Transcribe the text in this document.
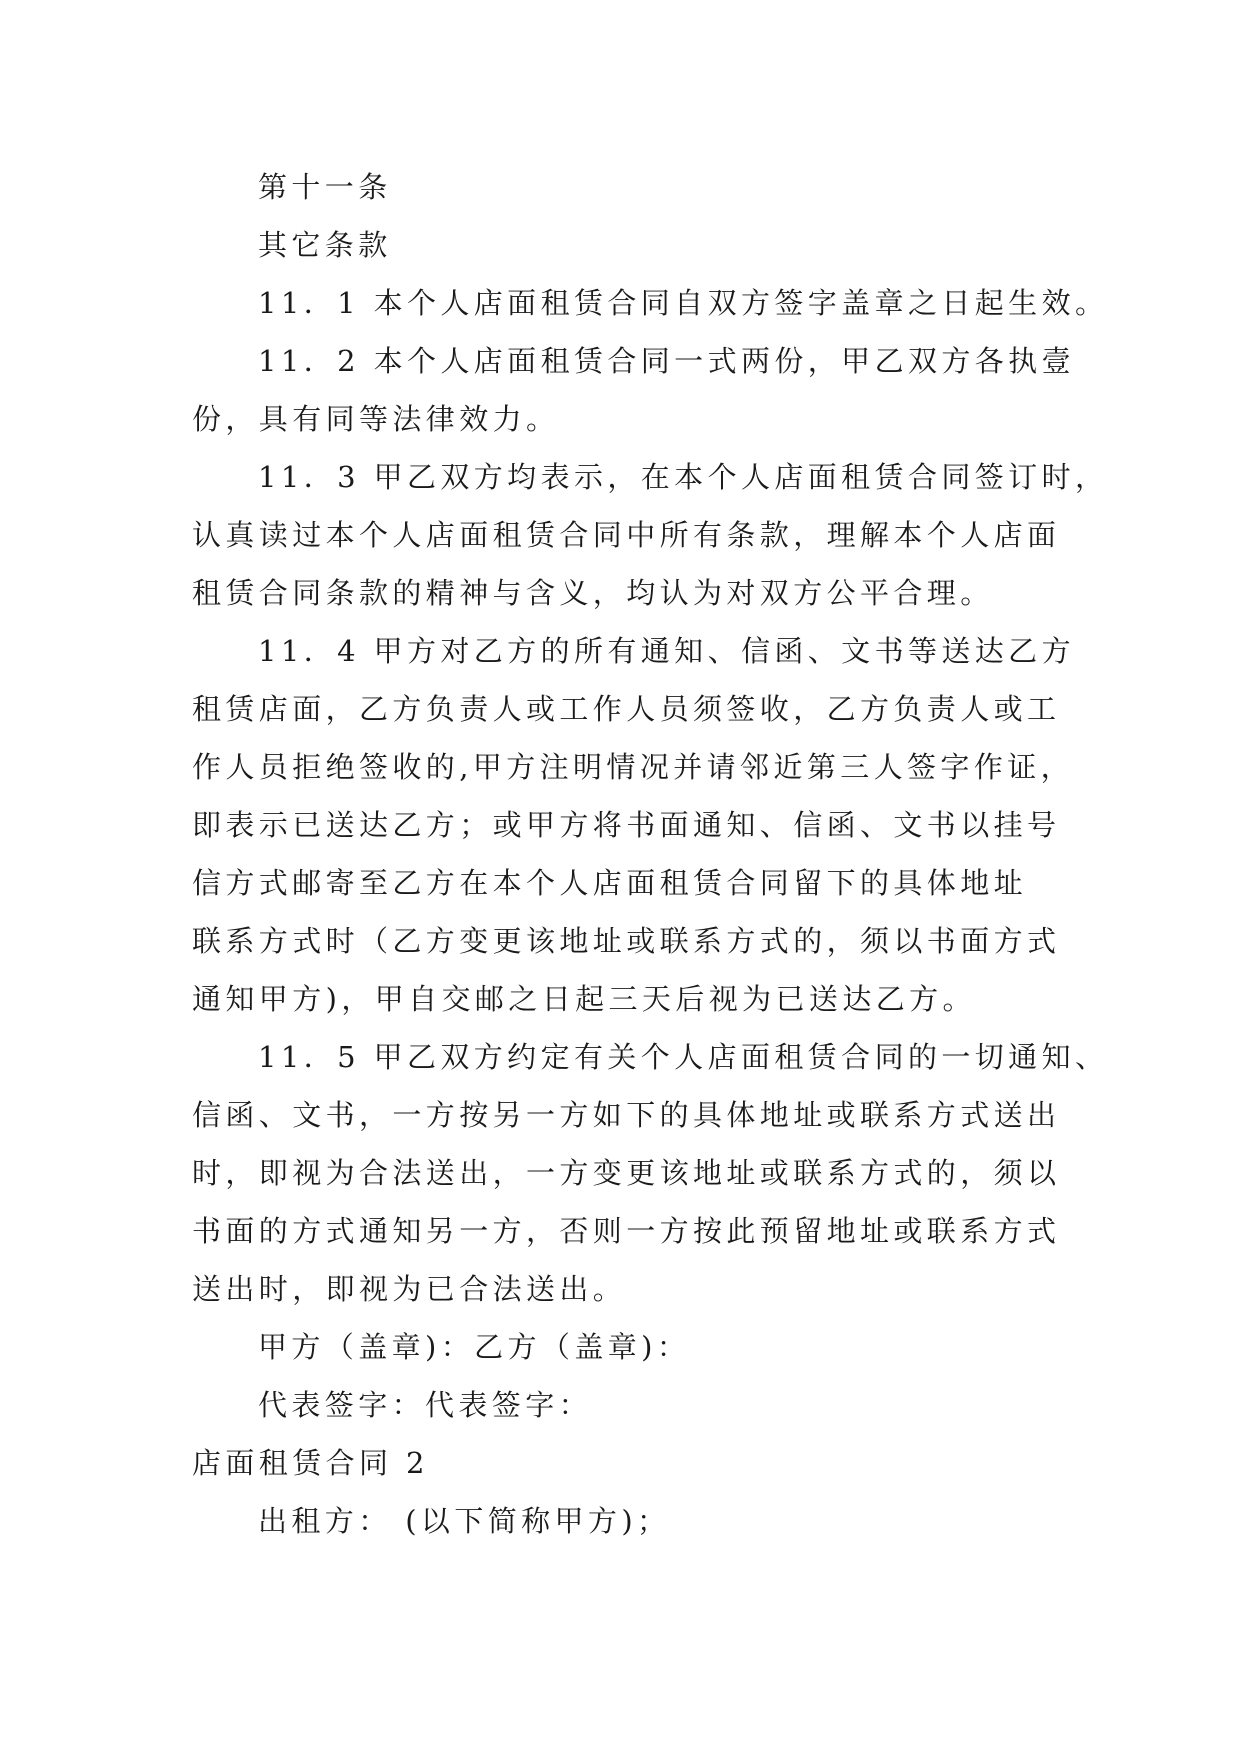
第十一条

其它条款

11．1 本个人店面租赁合同自双方签字盖章之日起生效。

11．2 本个人店面租赁合同一式两份，甲乙双方各执壹

份，具有同等法律效力。

11．3 甲乙双方均表示，在本个人店面租赁合同签订时，

认真读过本个人店面租赁合同中所有条款，理解本个人店面

租赁合同条款的精神与含义，均认为对双方公平合理。

11．4 甲方对乙方的所有通知、信函、文书等送达乙方

租赁店面，乙方负责人或工作人员须签收，乙方负责人或工

作人员拒绝签收的,甲方注明情况并请邻近第三人签字作证，

即表示已送达乙方；或甲方将书面通知、信函、文书以挂号

信方式邮寄至乙方在本个人店面租赁合同留下的具体地址

联系方式时（乙方变更该地址或联系方式的，须以书面方式

通知甲方)，甲自交邮之日起三天后视为已送达乙方。

11．5 甲乙双方约定有关个人店面租赁合同的一切通知、

信函、文书，一方按另一方如下的具体地址或联系方式送出

时，即视为合法送出，一方变更该地址或联系方式的，须以

书面的方式通知另一方，否则一方按此预留地址或联系方式

送出时，即视为已合法送出。

甲方（盖章)：乙方（盖章)：

代表签字：代表签字：

店面租赁合同 2

出租方： (以下简称甲方)；
